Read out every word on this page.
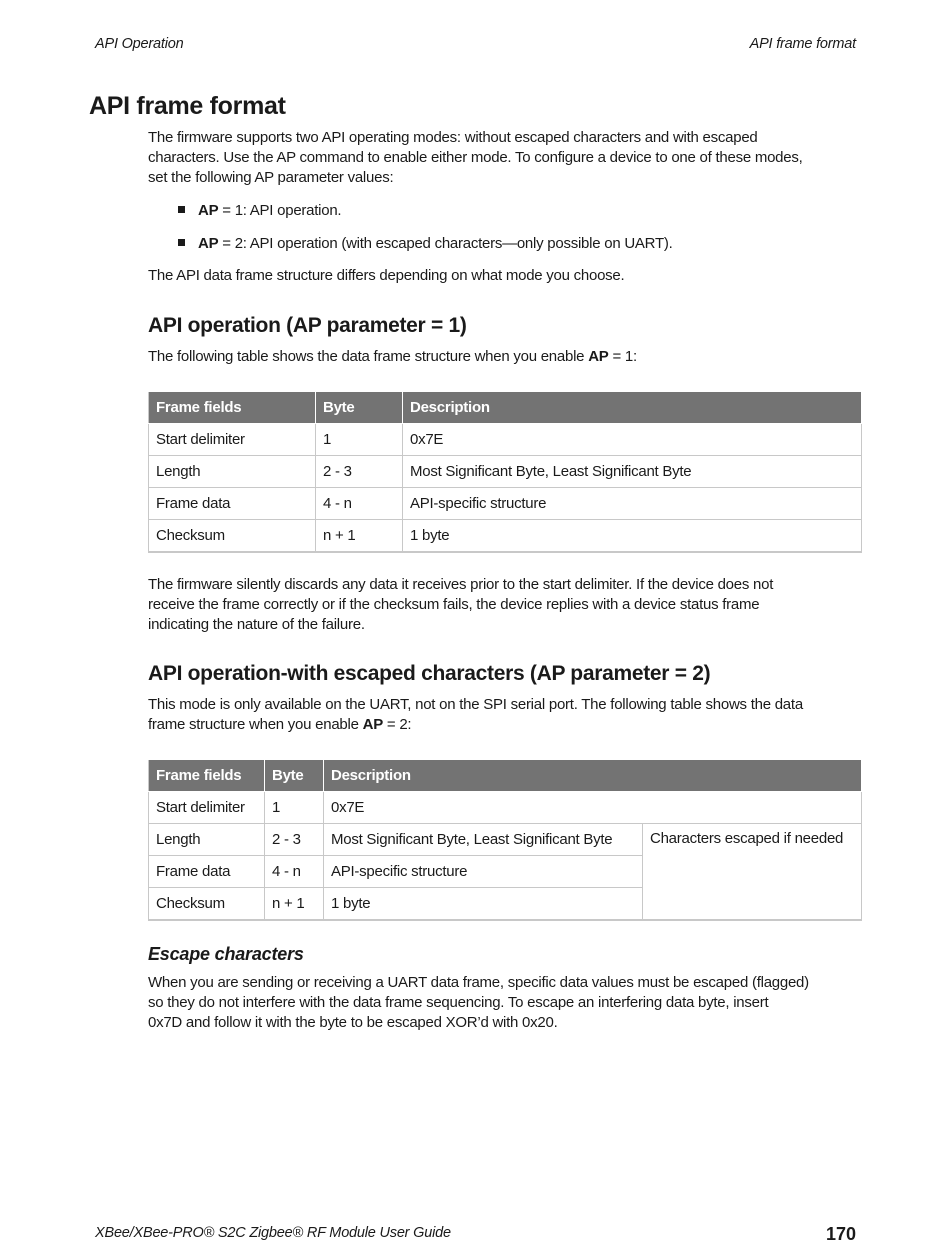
API Operation	API frame format
API frame format
The firmware supports two API operating modes: without escaped characters and with escaped
characters. Use the AP command to enable either mode. To configure a device to one of these modes,
set the following AP parameter values:
AP = 1: API operation.
AP = 2: API operation (with escaped characters—only possible on UART).
The API data frame structure differs depending on what mode you choose.
API operation (AP parameter = 1)
The following table shows the data frame structure when you enable AP = 1:
Frame fields	Byte	Description
Start delimiter	1	0x7E
Length	2 - 3	Most Significant Byte, Least Significant Byte
Frame data	4 - n	API-specific structure
Checksum	n + 1	1 byte
The firmware silently discards any data it receives prior to the start delimiter. If the device does not
receive the frame correctly or if the checksum fails, the device replies with a device status frame
indicating the nature of the failure.
API operation-with escaped characters (AP parameter = 2)
This mode is only available on the UART, not on the SPI serial port. The following table shows the data
frame structure when you enable AP = 2:
Frame fields	Byte	Description	
Start delimiter	1	0x7E	
Length	2 - 3	Most Significant Byte, Least Significant Byte	Characters escaped if needed
Frame data	4 - n	API-specific structure	
Checksum	n + 1	1 byte	
Escape characters
When you are sending or receiving a UART data frame, specific data values must be escaped (flagged)
so they do not interfere with the data frame sequencing. To escape an interfering data byte, insert
0x7D and follow it with the byte to be escaped XOR’d with 0x20.
XBee/XBee-PRO® S2C Zigbee® RF Module User Guide	170
